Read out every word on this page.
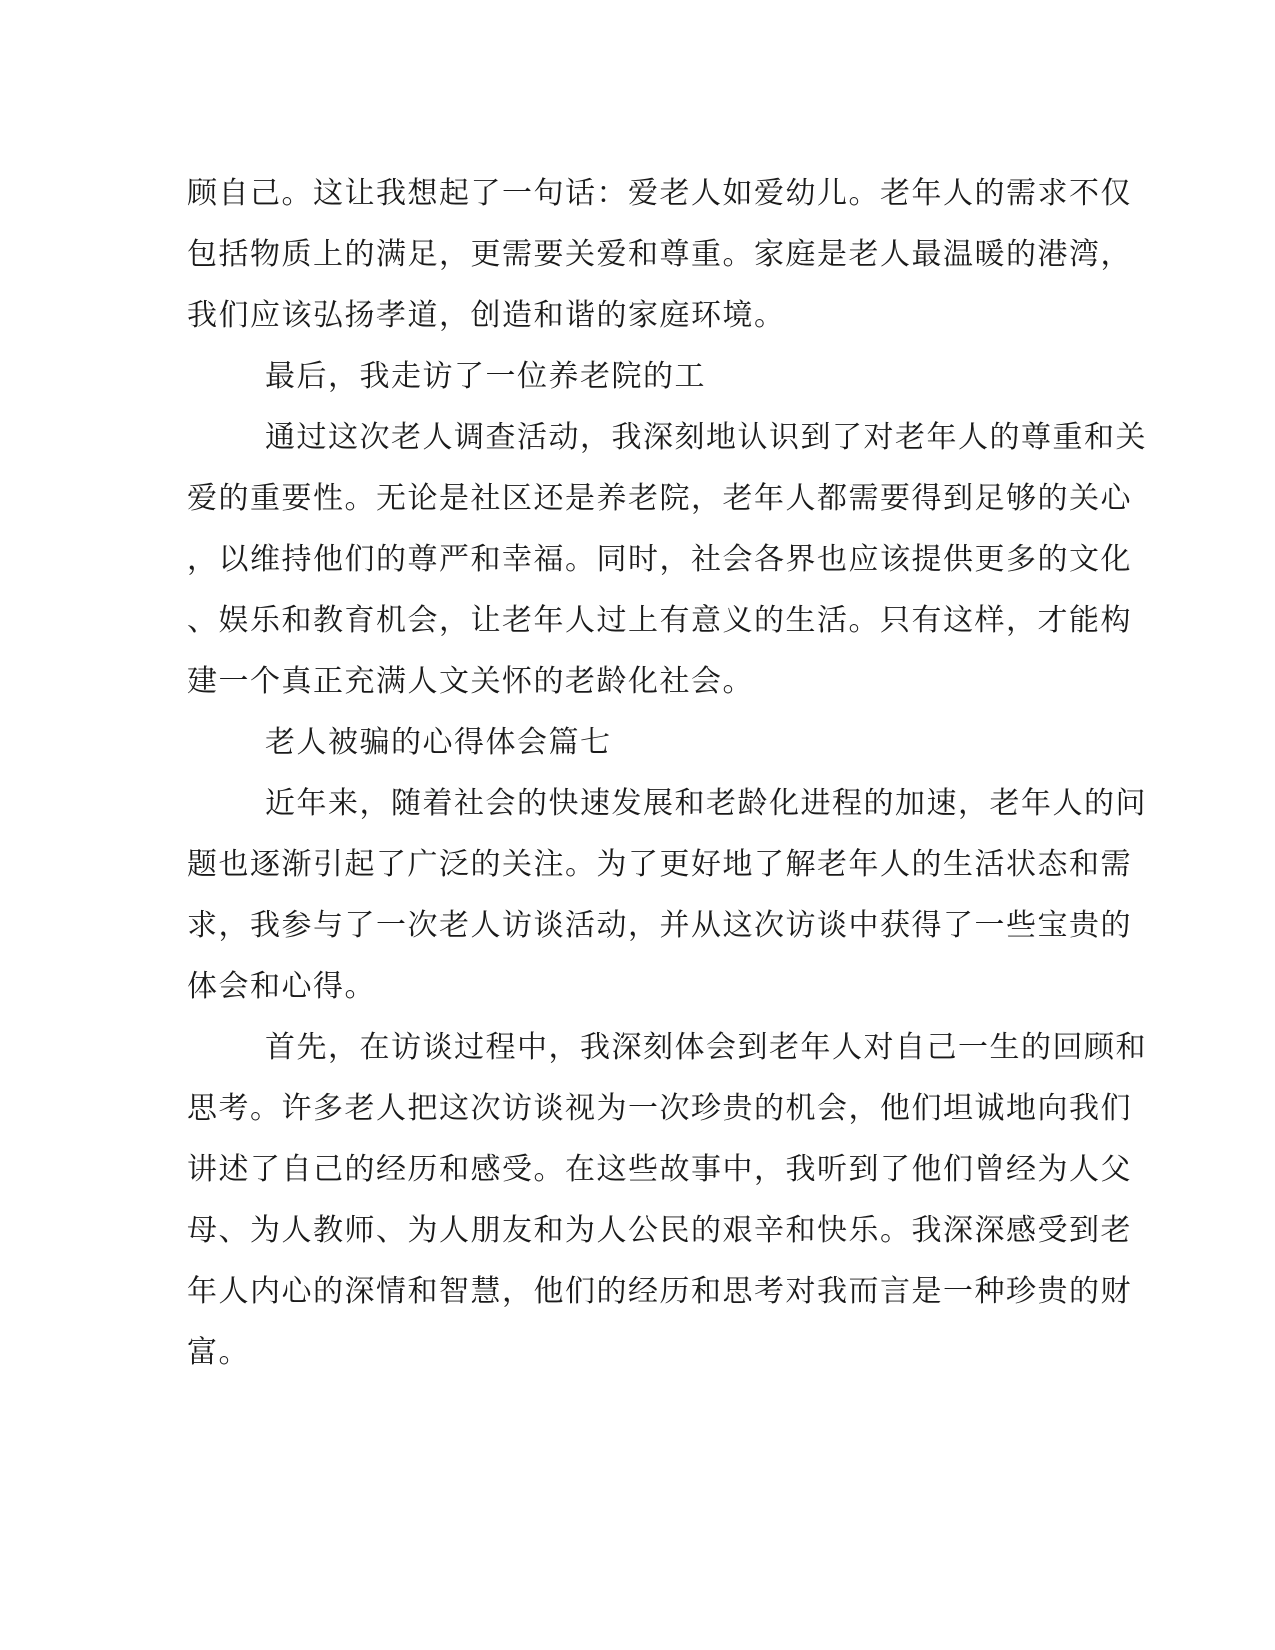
顾自己。这让我想起了一句话：爱老人如爱幼儿。老年人的需求不仅
包括物质上的满足，更需要关爱和尊重。家庭是老人最温暖的港湾，
我们应该弘扬孝道，创造和谐的家庭环境。
最后，我走访了一位养老院的工
通过这次老人调查活动，我深刻地认识到了对老年人的尊重和关
爱的重要性。无论是社区还是养老院，老年人都需要得到足够的关心
，以维持他们的尊严和幸福。同时，社会各界也应该提供更多的文化
、娱乐和教育机会，让老年人过上有意义的生活。只有这样，才能构
建一个真正充满人文关怀的老龄化社会。
老人被骗的心得体会篇七
近年来，随着社会的快速发展和老龄化进程的加速，老年人的问
题也逐渐引起了广泛的关注。为了更好地了解老年人的生活状态和需
求，我参与了一次老人访谈活动，并从这次访谈中获得了一些宝贵的
体会和心得。
首先，在访谈过程中，我深刻体会到老年人对自己一生的回顾和
思考。许多老人把这次访谈视为一次珍贵的机会，他们坦诚地向我们
讲述了自己的经历和感受。在这些故事中，我听到了他们曾经为人父
母、为人教师、为人朋友和为人公民的艰辛和快乐。我深深感受到老
年人内心的深情和智慧，他们的经历和思考对我而言是一种珍贵的财
富。
